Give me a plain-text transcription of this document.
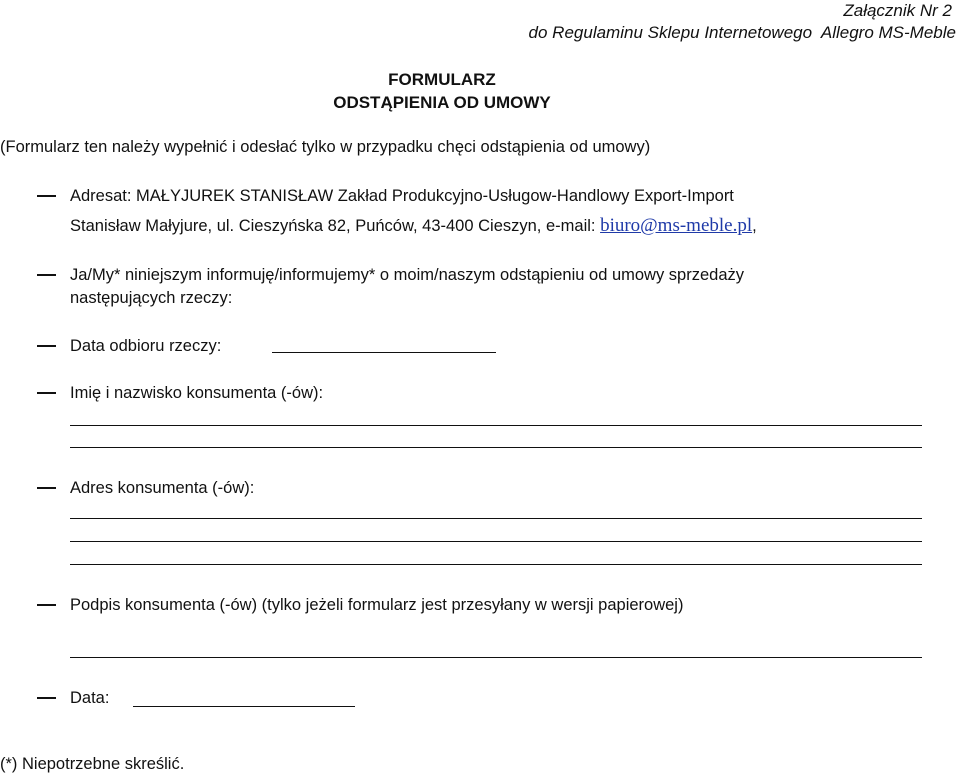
Załącznik Nr 2
do Regulaminu Sklepu Internetowego  Allegro MS-Meble
FORMULARZ
ODSTĄPIENIA OD UMOWY
(Formularz ten należy wypełnić i odesłać tylko w przypadku chęci odstąpienia od umowy)
Adresat: MAŁYJUREK STANISŁAW Zakład Produkcyjno-Usługow-Handlowy Export-Import
Stanisław Małyjure, ul. Cieszyńska 82, Puńców, 43-400 Cieszyn, e-mail: biuro@ms-meble.pl,
Ja/My* niniejszym informuję/informujemy* o moim/naszym odstąpieniu od umowy sprzedaży
następujących rzeczy:
Data odbioru rzeczy:
Imię i nazwisko konsumenta (-ów):
Adres konsumenta (-ów):
Podpis konsumenta (-ów) (tylko jeżeli formularz jest przesyłany w wersji papierowej)
Data:
(*) Niepotrzebne skreślić.
